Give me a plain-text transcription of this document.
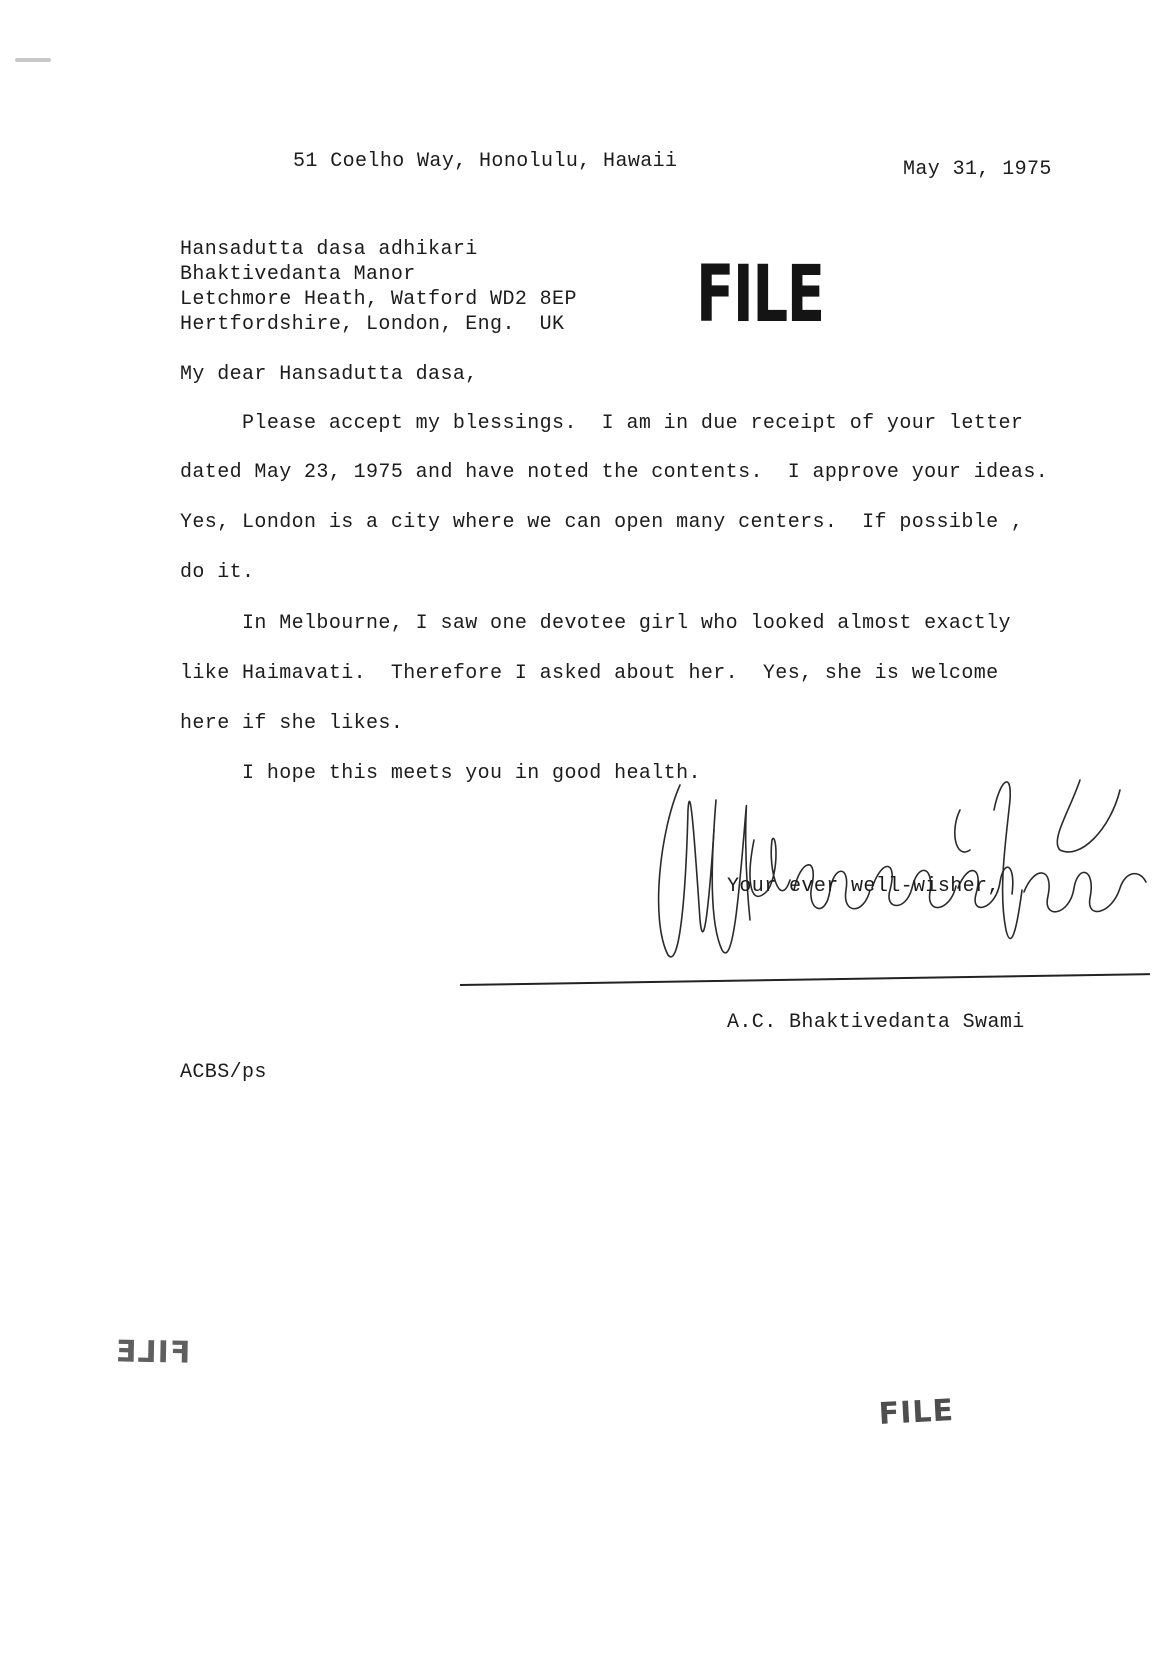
51 Coelho Way, Honolulu, Hawaii	May 31, 1975
Hansadutta dasa adhikari
Bhaktivedanta Manor
Letchmore Heath, Watford WD2 8EP
Hertfordshire, London, Eng.  UK FILE
My dear Hansadutta dasa,
Please accept my blessings.  I am in due receipt of your letter
dated May 23, 1975 and have noted the contents.  I approve your ideas.
Yes, London is a city where we can open many centers.  If possible ,
do it.
In Melbourne, I saw one devotee girl who looked almost exactly
like Haimavati.  Therefore I asked about her.  Yes, she is welcome
here if she likes.
I hope this meets you in good health.
Your ever well-wisher,
A.C. Bhaktivedanta Swami
ACBS/ps
FILE
FILE
